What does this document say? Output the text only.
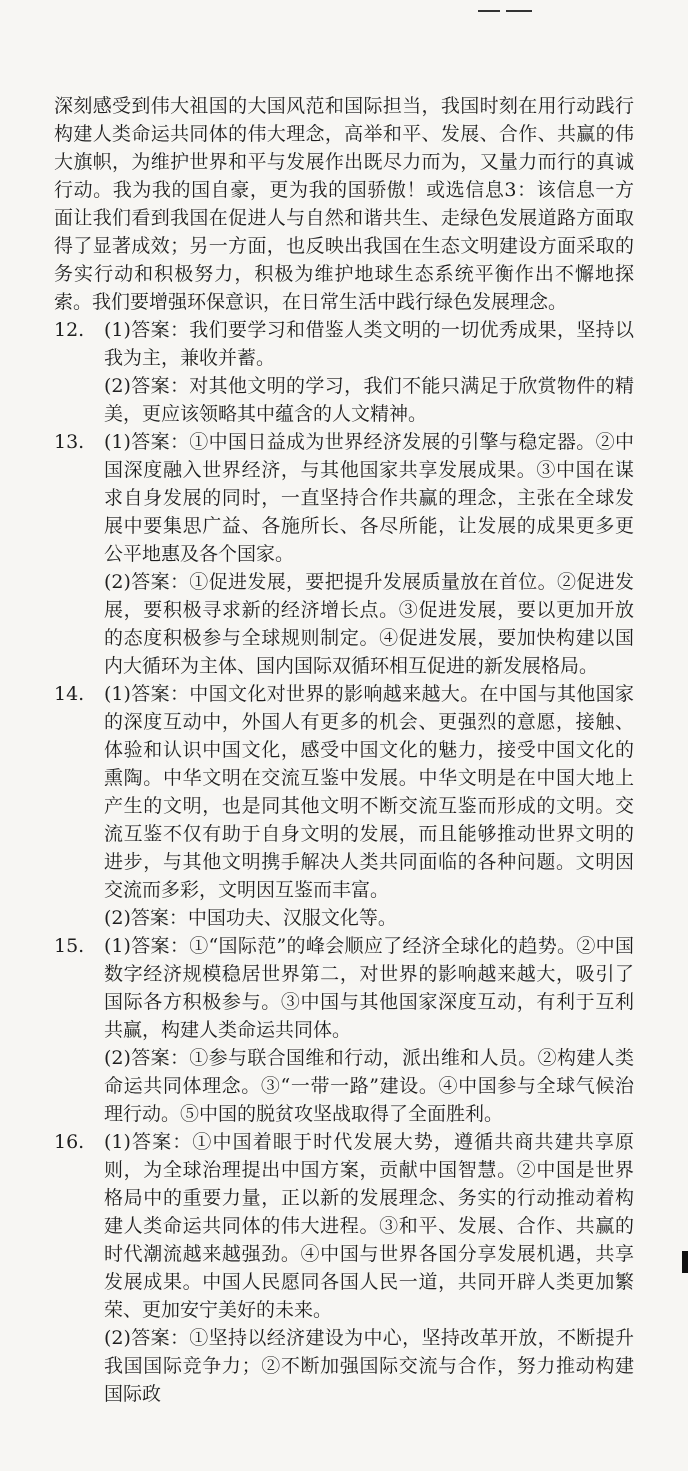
深刻感受到伟大祖国的大国风范和国际担当，我国时刻在用行动践行构建人类命运共同体的伟大理念，高举和平、发展、合作、共赢的伟大旗帜，为维护世界和平与发展作出既尽力而为，又量力而行的真诚行动。我为我的国自豪，更为我的国骄傲！或选信息3：该信息一方面让我们看到我国在促进人与自然和谐共生、走绿色发展道路方面取得了显著成效；另一方面，也反映出我国在生态文明建设方面采取的务实行动和积极努力，积极为维护地球生态系统平衡作出不懈地探索。我们要增强环保意识，在日常生活中践行绿色发展理念。

12.	(1)答案：我们要学习和借鉴人类文明的一切优秀成果，坚持以我为主，兼收并蓄。

(2)答案：对其他文明的学习，我们不能只满足于欣赏物件的精美，更应该领略其中蕴含的人文精神。

13.	(1)答案：①中国日益成为世界经济发展的引擎与稳定器。②中国深度融入世界经济，与其他国家共享发展成果。③中国在谋求自身发展的同时，一直坚持合作共赢的理念，主张在全球发展中要集思广益、各施所长、各尽所能，让发展的成果更多更公平地惠及各个国家。

(2)答案：①促进发展，要把提升发展质量放在首位。②促进发展，要积极寻求新的经济增长点。③促进发展，要以更加开放的态度积极参与全球规则制定。④促进发展，要加快构建以国内大循环为主体、国内国际双循环相互促进的新发展格局。

14.	(1)答案：中国文化对世界的影响越来越大。在中国与其他国家的深度互动中，外国人有更多的机会、更强烈的意愿，接触、体验和认识中国文化，感受中国文化的魅力，接受中国文化的熏陶。中华文明在交流互鉴中发展。中华文明是在中国大地上产生的文明，也是同其他文明不断交流互鉴而形成的文明。交流互鉴不仅有助于自身文明的发展，而且能够推动世界文明的进步，与其他文明携手解决人类共同面临的各种问题。文明因交流而多彩，文明因互鉴而丰富。

(2)答案：中国功夫、汉服文化等。

15.	(1)答案：①“国际范”的峰会顺应了经济全球化的趋势。②中国数字经济规模稳居世界第二，对世界的影响越来越大，吸引了国际各方积极参与。③中国与其他国家深度互动，有利于互利共赢，构建人类命运共同体。

(2)答案：①参与联合国维和行动，派出维和人员。②构建人类命运共同体理念。③“一带一路”建设。④中国参与全球气候治理行动。⑤中国的脱贫攻坚战取得了全面胜利。

16.	(1)答案：①中国着眼于时代发展大势，遵循共商共建共享原则，为全球治理提出中国方案，贡献中国智慧。②中国是世界格局中的重要力量，正以新的发展理念、务实的行动推动着构建人类命运共同体的伟大进程。③和平、发展、合作、共赢的时代潮流越来越强劲。④中国与世界各国分享发展机遇，共享发展成果。中国人民愿同各国人民一道，共同开辟人类更加繁荣、更加安宁美好的未来。

(2)答案：①坚持以经济建设为中心，坚持改革开放，不断提升我国国际竞争力；②不断加强国际交流与合作，努力推动构建国际政
